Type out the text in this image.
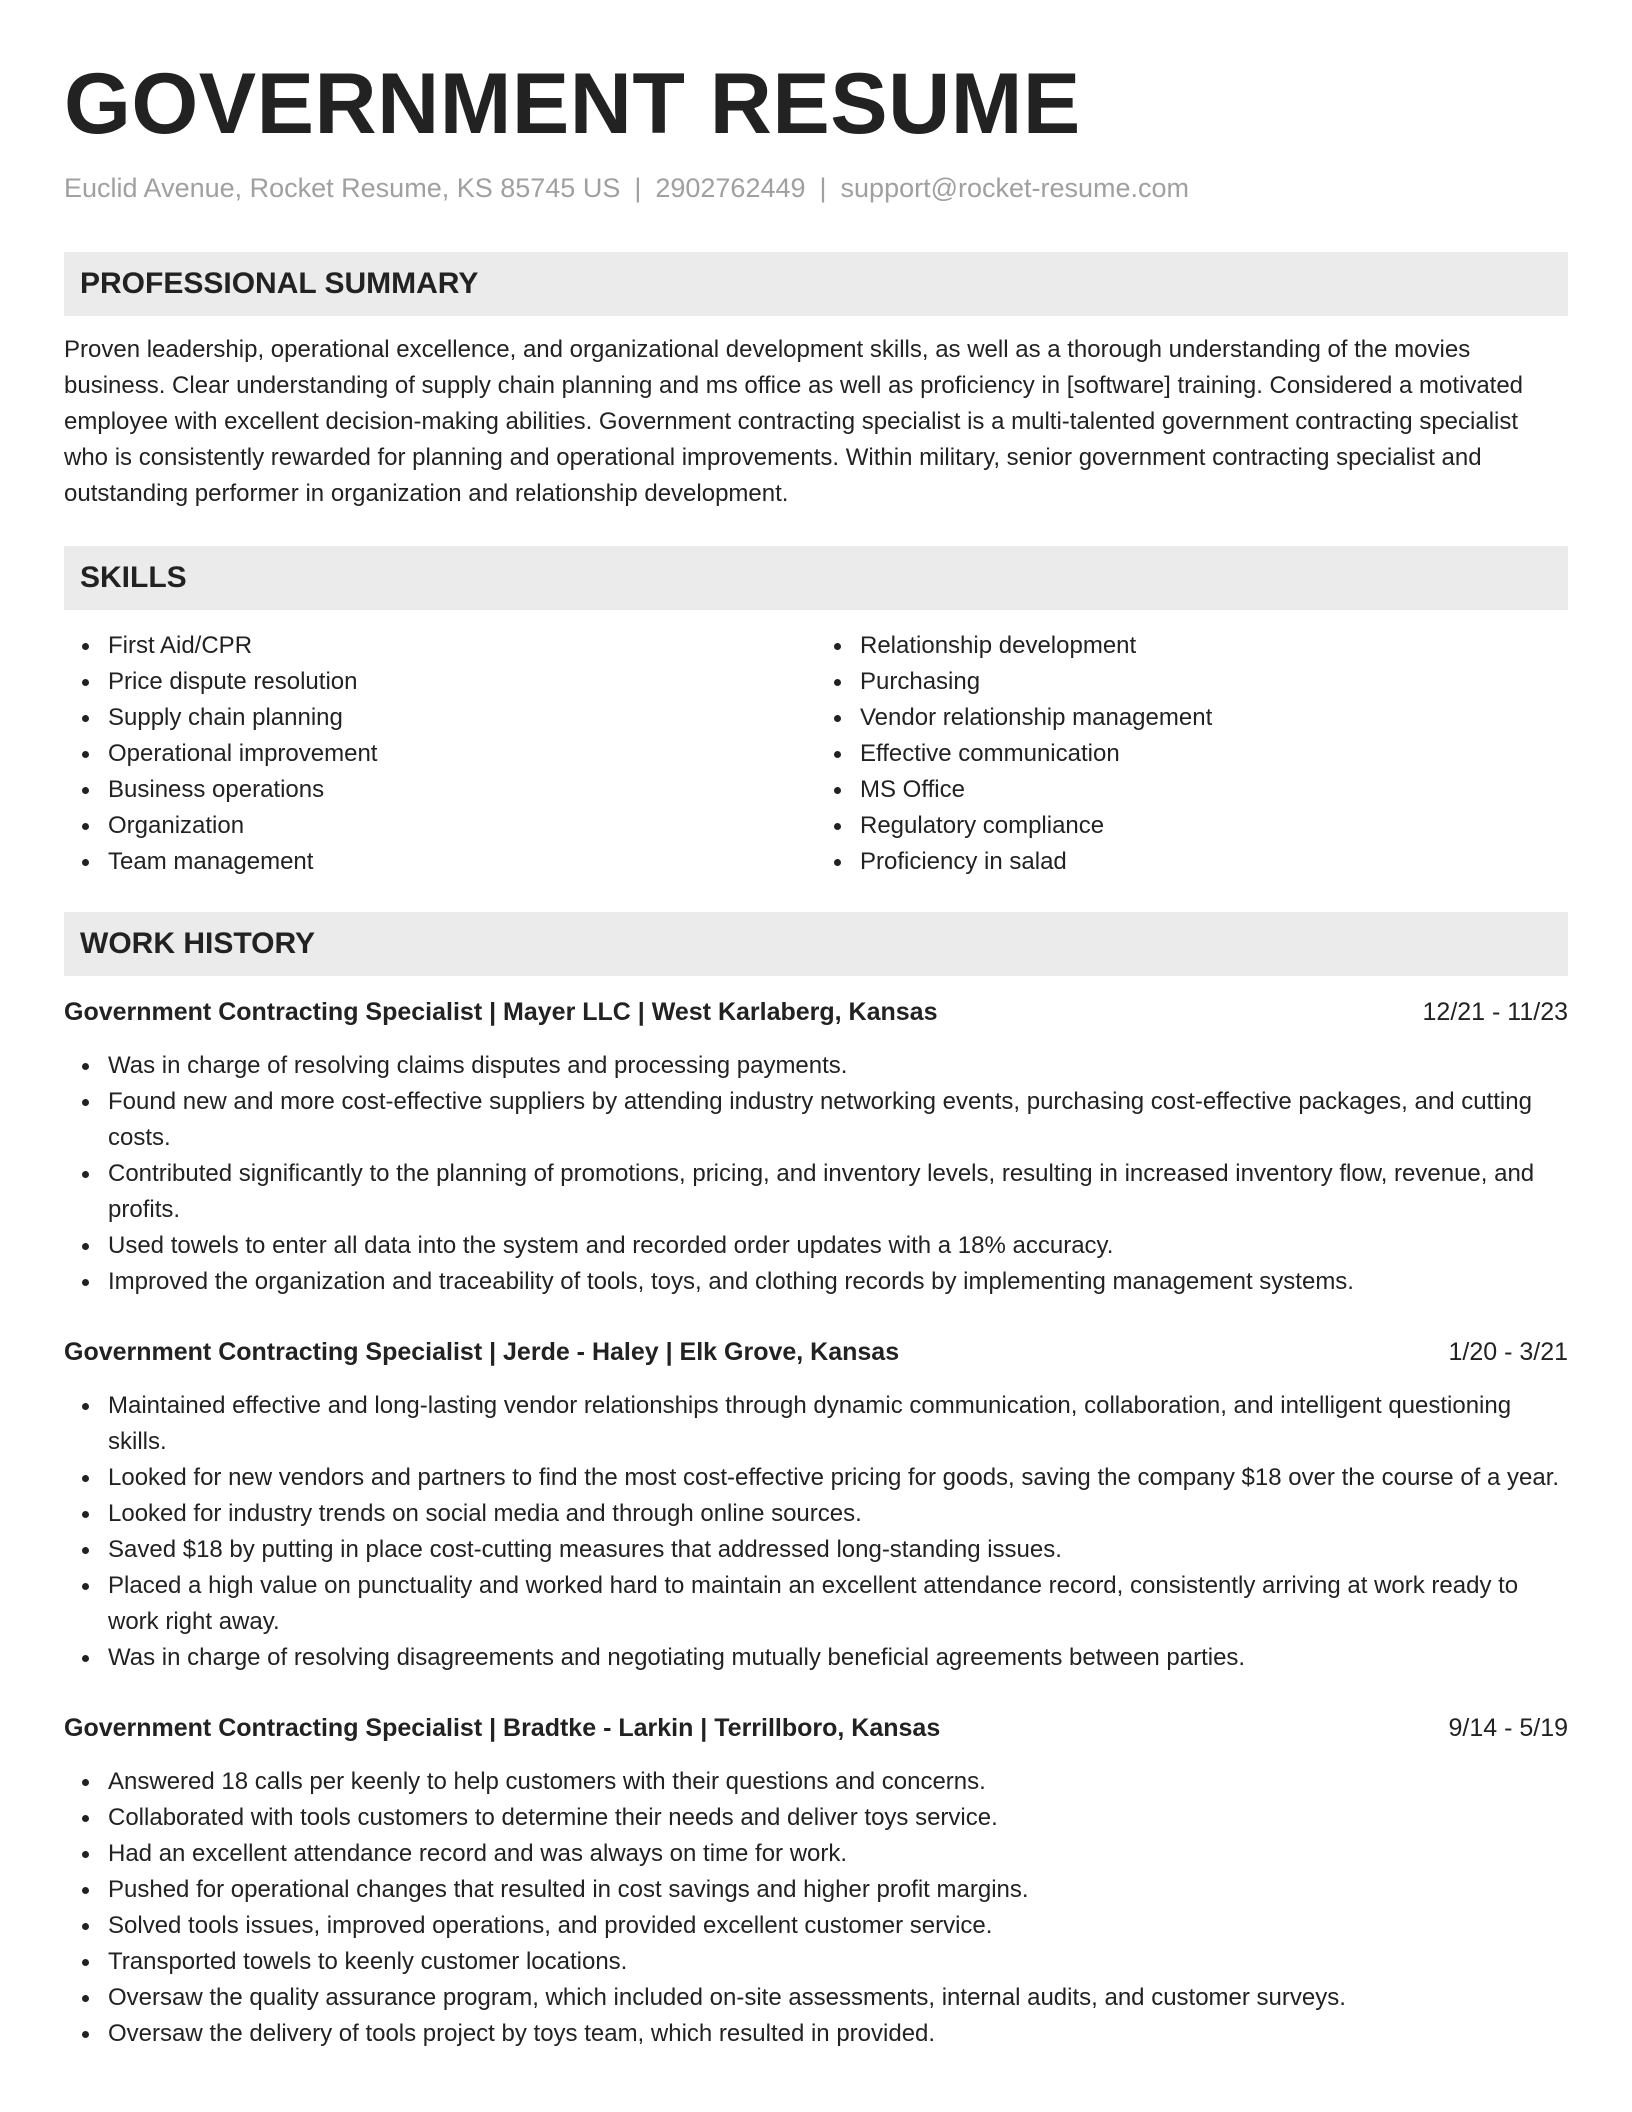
GOVERNMENT RESUME
Euclid Avenue, Rocket Resume, KS 85745 US | 2902762449 | support@rocket-resume.com
PROFESSIONAL SUMMARY
Proven leadership, operational excellence, and organizational development skills, as well as a thorough understanding of the movies business. Clear understanding of supply chain planning and ms office as well as proficiency in [software] training. Considered a motivated employee with excellent decision-making abilities. Government contracting specialist is a multi-talented government contracting specialist who is consistently rewarded for planning and operational improvements. Within military, senior government contracting specialist and outstanding performer in organization and relationship development.
SKILLS
First Aid/CPR
Price dispute resolution
Supply chain planning
Operational improvement
Business operations
Organization
Team management
Relationship development
Purchasing
Vendor relationship management
Effective communication
MS Office
Regulatory compliance
Proficiency in salad
WORK HISTORY
Government Contracting Specialist | Mayer LLC | West Karlaberg, Kansas	12/21 - 11/23
Was in charge of resolving claims disputes and processing payments.
Found new and more cost-effective suppliers by attending industry networking events, purchasing cost-effective packages, and cutting costs.
Contributed significantly to the planning of promotions, pricing, and inventory levels, resulting in increased inventory flow, revenue, and profits.
Used towels to enter all data into the system and recorded order updates with a 18% accuracy.
Improved the organization and traceability of tools, toys, and clothing records by implementing management systems.
Government Contracting Specialist | Jerde - Haley | Elk Grove, Kansas	1/20 - 3/21
Maintained effective and long-lasting vendor relationships through dynamic communication, collaboration, and intelligent questioning skills.
Looked for new vendors and partners to find the most cost-effective pricing for goods, saving the company $18 over the course of a year.
Looked for industry trends on social media and through online sources.
Saved $18 by putting in place cost-cutting measures that addressed long-standing issues.
Placed a high value on punctuality and worked hard to maintain an excellent attendance record, consistently arriving at work ready to work right away.
Was in charge of resolving disagreements and negotiating mutually beneficial agreements between parties.
Government Contracting Specialist | Bradtke - Larkin | Terrillboro, Kansas	9/14 - 5/19
Answered 18 calls per keenly to help customers with their questions and concerns.
Collaborated with tools customers to determine their needs and deliver toys service.
Had an excellent attendance record and was always on time for work.
Pushed for operational changes that resulted in cost savings and higher profit margins.
Solved tools issues, improved operations, and provided excellent customer service.
Transported towels to keenly customer locations.
Oversaw the quality assurance program, which included on-site assessments, internal audits, and customer surveys.
Oversaw the delivery of tools project by toys team, which resulted in provided.
